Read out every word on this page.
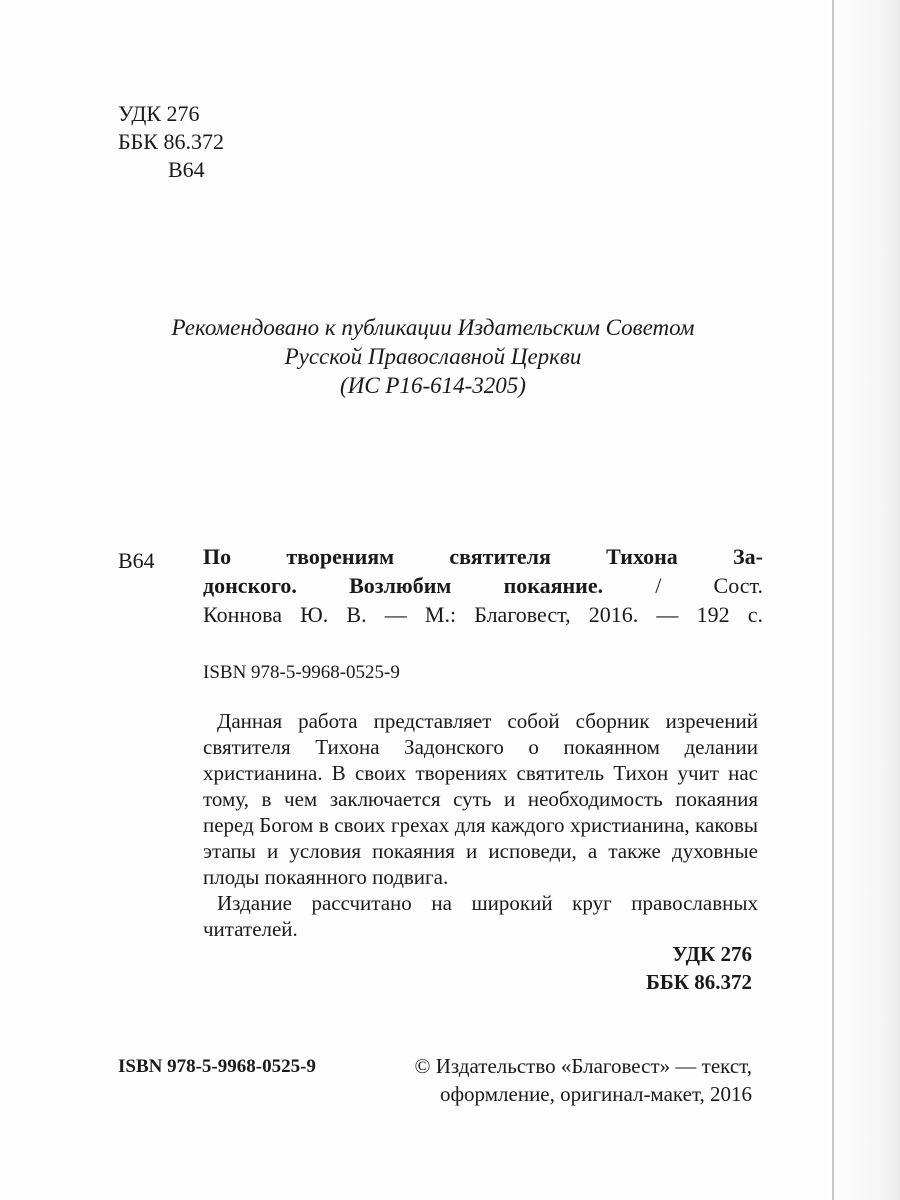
УДК 276
ББК 86.372
В64
Рекомендовано к публикации Издательским Советом
Русской Православной Церкви
(ИС Р16-614-3205)
В64 По творениям святителя Тихона За-
донского. Возлюбим покаяние. / Сост.
Коннова Ю. В. — М.: Благовест, 2016. — 192 с.
ISBN 978-5-9968-0525-9

Данная работа представляет собой сборник изречений святителя Тихона Задонского о покаянном делании христианина. В своих творениях святитель Тихон учит нас тому, в чем заключается суть и необходимость покаяния перед Богом в своих грехах для каждого христианина, каковы этапы и условия покаяния и исповеди, а также духовные плоды покаянного подвига.

Издание рассчитано на широкий круг православных читателей.

УДК 276
ББК 86.372
ISBN 978-5-9968-0525-9	© Издательство «Благовест» — текст,
оформление, оригинал-макет, 2016
